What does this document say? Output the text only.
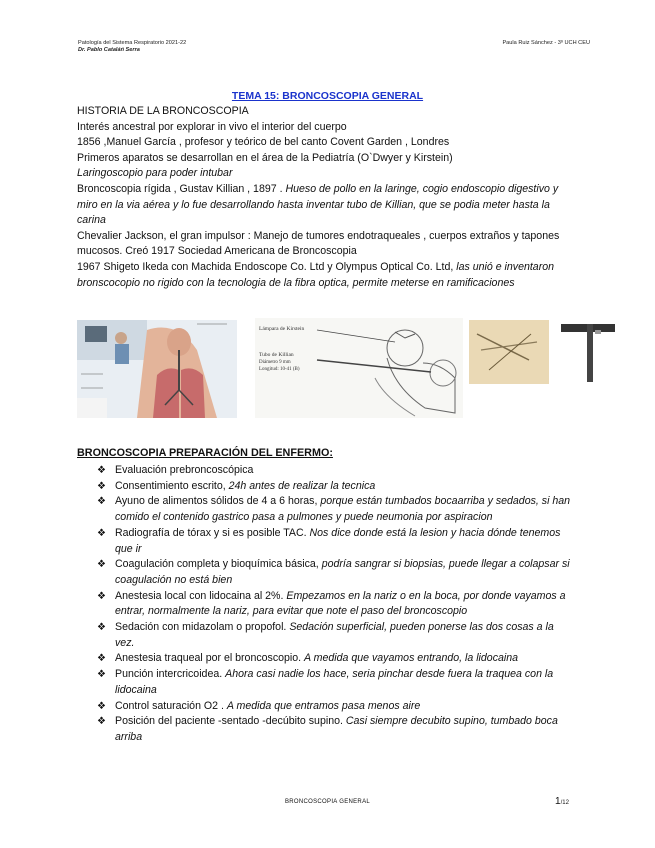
Patología del Sistema Respiratorio 2021-22
Dr. Pablo Cataláń Serra
Paula Ruiz Sánchez - 3º UCH CEU
TEMA 15: BRONCOSCOPIA GENERAL

HISTORIA DE LA BRONCOSCOPIA

Interés ancestral por explorar in vivo el interior del cuerpo

1856 ,Manuel García , profesor y teórico de bel canto Covent Garden , Londres

Primeros aparatos se desarrollan en el área de la Pediatría (O`Dwyer y Kirstein)

Laringoscopio para poder intubar

Broncoscopia rígida , Gustav Killian , 1897 . Hueso de pollo en la laringe, cogio endoscopio digestivo y miro en la via aérea y lo fue desarrollando hasta inventar tubo de Killian, que se podia meter hasta la carina

Chevalier Jackson, el gran impulsor : Manejo de tumores endotraqueales , cuerpos extraños y tapones mucosos. Creó 1917 Sociedad Americana de Broncoscopia

1967 Shigeto Ikeda con Machida Endoscope Co. Ltd y Olympus Optical Co. Ltd, las unió e inventaron bronscocopio no rigido con la tecnologia de la fibra optica, permite meterse en ramificaciones

Lámpara de Kirstein
Tubo de Killian
Diámetro 9 mm
Longitud: 10-41 (B)
BRONCOSCOPIA PREPARACIÓN DEL ENFERMO:
❖ Evaluación prebroncoscópica
❖ Consentimiento escrito, 24h antes de realizar la tecnica
❖ Ayuno de alimentos sólidos de 4 a 6 horas, porque están tumbados bocaarriba y sedados, si han comido el contenido gastrico pasa a pulmones y puede neumonia por aspiracion
❖ Radiografía de tórax y si es posible TAC. Nos dice donde está la lesion y hacia dónde tenemos que ir
❖ Coagulación completa y bioquímica básica, podría sangrar si biopsias, puede llegar a colapsar si coagulación no está bien
❖ Anestesia local con lidocaina al 2%. Empezamos en la nariz o en la boca, por donde vayamos a entrar, normalmente la nariz, para evitar que note el paso del broncoscopio
❖ Sedación con midazolam o propofol. Sedación superficial, pueden ponerse las dos cosas a la vez.
❖ Anestesia traqueal por el broncoscopio. A medida que vayamos entrando, la lidocaina
❖ Punción intercricoidea. Ahora casi nadie los hace, seria pinchar desde fuera la traquea con la lidocaina
❖ Control saturación O2 . A medida que entramos pasa menos aire
❖ Posición del paciente -sentado -decúbito supino. Casi siempre decubito supino, tumbado boca arriba
BRONCOSCOPIA GENERAL	1/12
